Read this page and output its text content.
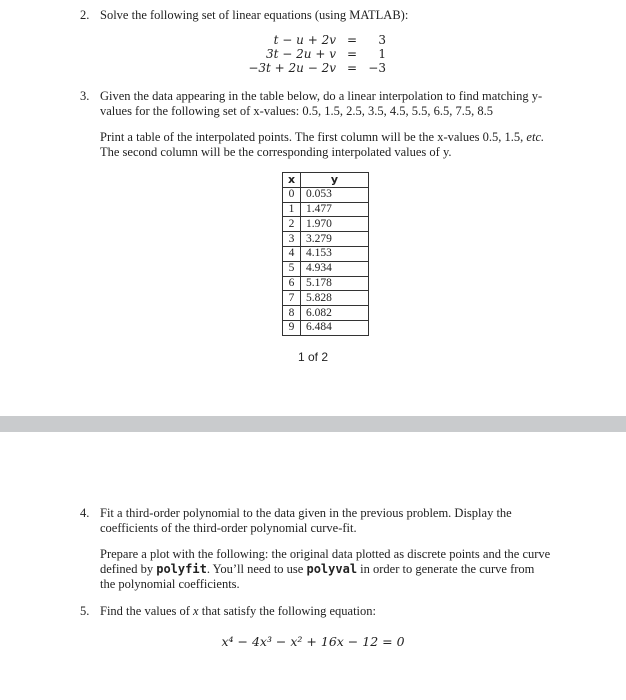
2. Solve the following set of linear equations (using MATLAB):
t − u + 2v =	3
3t − 2u + v =	1
−3t + 2u − 2v = −3
3. Given the data appearing in the table below, do a linear interpolation to find matching y-
values for the following set of x-values: 0.5, 1.5, 2.5, 3.5, 4.5, 5.5, 6.5, 7.5, 8.5
Print a table of the interpolated points. The first column will be the x-values 0.5, 1.5, etc.
The second column will be the corresponding interpolated values of y.
x	y
0	0.053
1	1.477
2	1.970
3	3.279
4	4.153
5	4.934
6	5.178
7	5.828
8	6.082
9	6.484
1 of 2
4. Fit a third-order polynomial to the data given in the previous problem. Display the
coefficients of the third-order polynomial curve-fit.
Prepare a plot with the following: the original data plotted as discrete points and the curve
defined by polyfit. You’ll need to use polyval in order to generate the curve from
the polynomial coefficients.
5. Find the values of x that satisfy the following equation:
x⁴ − 4x³ − x² + 16x − 12 = 0
